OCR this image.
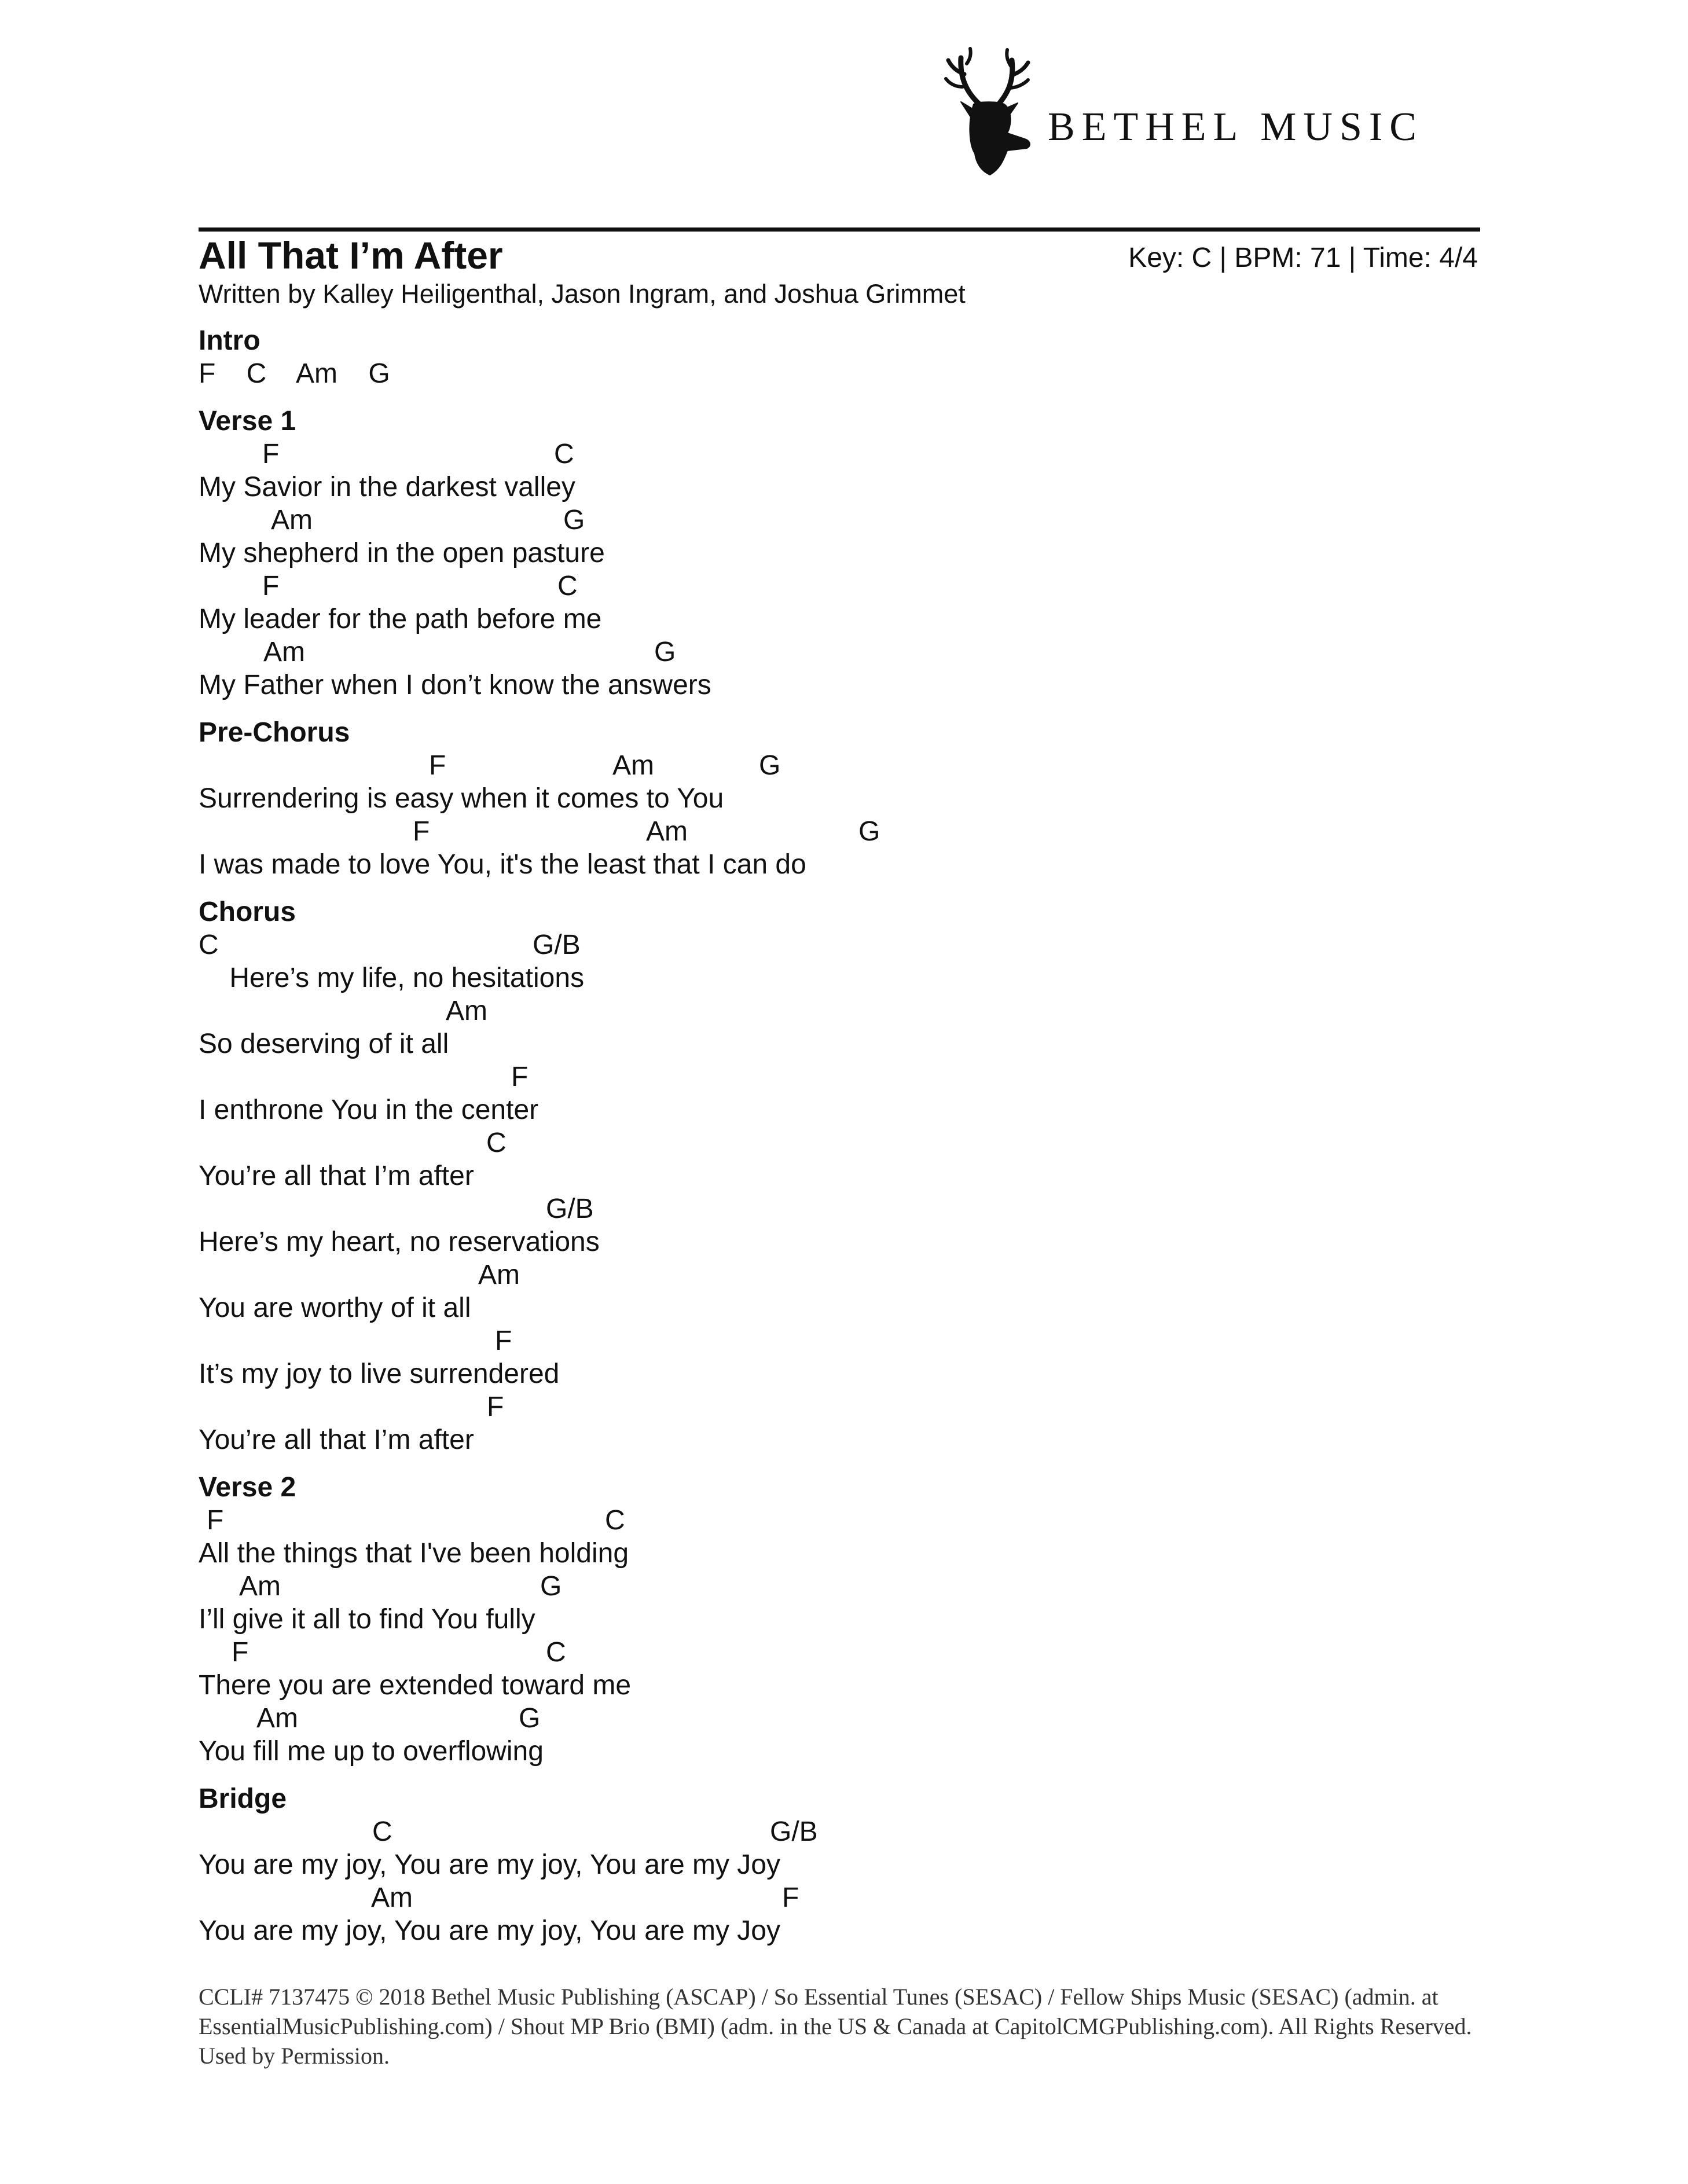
BETHEL MUSIC
All That I’m After	Key: C | BPM: 71 | Time: 4/4
Written by Kalley Heiligenthal, Jason Ingram, and Joshua Grimmet
Intro
F    C    Am    G
Verse 1

F

	C

My Savior in the darkest valley

Am

	G

My shepherd in the open pasture

F

	C

My leader for the path before me

Am

	G

My Father when I don’t know the answers
Pre-Chorus

F

	Am

	G

Surrendering is easy when it comes to You

F

	Am

	G

I was made to love You, it's the least that I can do
Chorus

C

	G/B

Here’s my life, no hesitations

Am

So deserving of it all

F

I enthrone You in the center

C

You’re all that I’m after

G/B

Here’s my heart, no reservations

Am

You are worthy of it all

F

It’s my joy to live surrendered

F

You’re all that I’m after
Verse 2

F

	C

All the things that I've been holding

Am

	G

I’ll give it all to find You fully

F

	C

There you are extended toward me

Am

	G

You fill me up to overflowing
Bridge

C

	G/B

You are my joy, You are my joy, You are my Joy

Am

	F

You are my joy, You are my joy, You are my Joy
CCLI# 7137475 © 2018 Bethel Music Publishing (ASCAP) / So Essential Tunes (SESAC) / Fellow Ships Music (SESAC) (admin. at EssentialMusicPublishing.com) / Shout MP Brio (BMI) (adm. in the US & Canada at CapitolCMGPublishing.com). All Rights Reserved. Used by Permission.
